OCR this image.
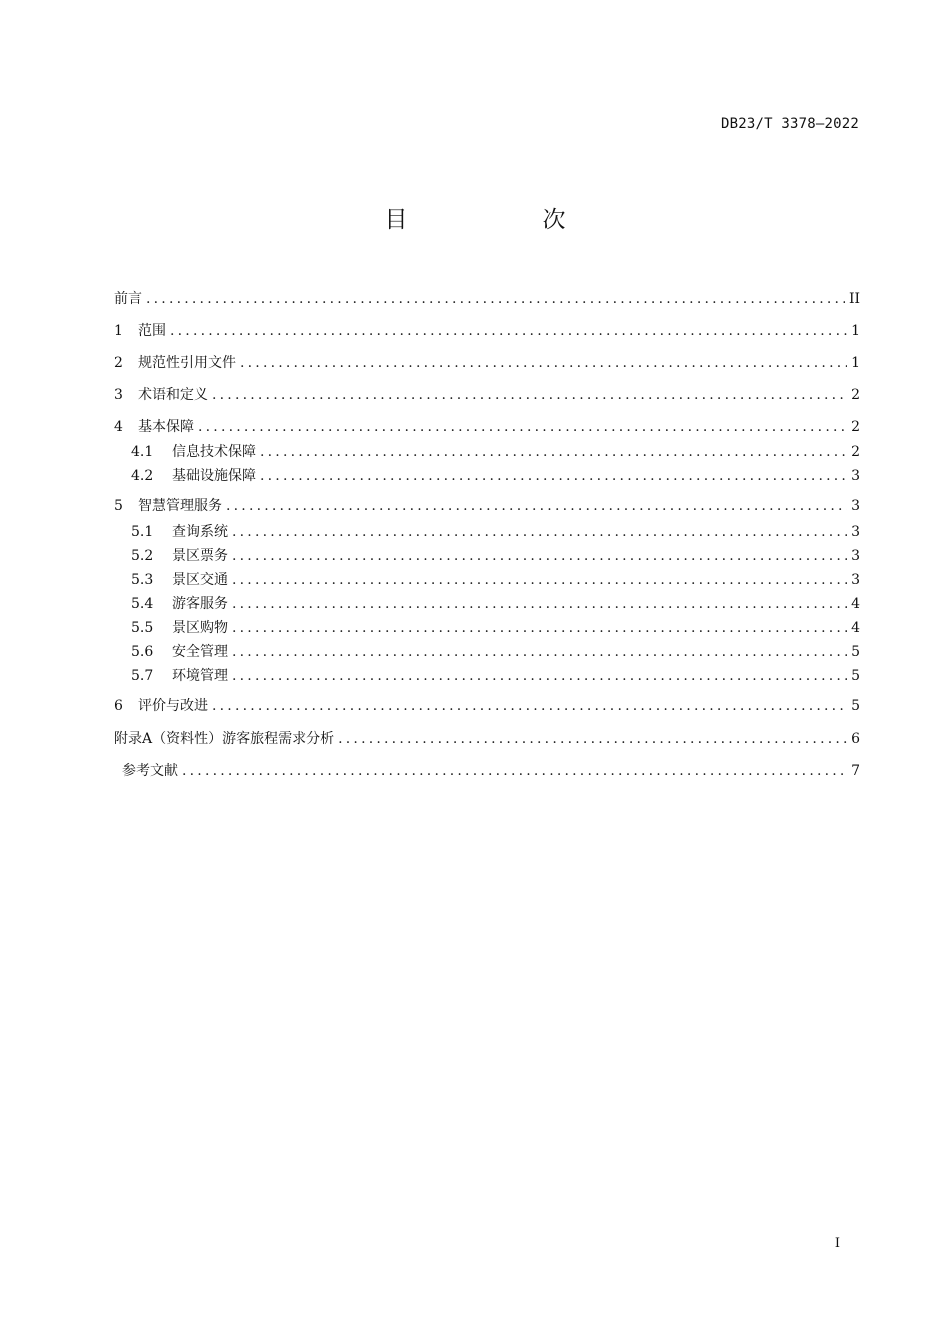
DB23/T 3378—2022
目　次
前言 .....	II
1	范围 .....	1
2	规范性引用文件 .....	1
3	术语和定义 .....	2
4	基本保障 .....	2
4.1	信息技术保障 .....	2
4.2	基础设施保障 .....	3
5	智慧管理服务 .....	3
5.1	查询系统 .....	3
5.2	景区票务 .....	3
5.3	景区交通 .....	3
5.4	游客服务 .....	4
5.5	景区购物 .....	4
5.6	安全管理 .....	5
5.7	环境管理 .....	5
6	评价与改进 .....	5
附录A（资料性）游客旅程需求分析 .....	6
参考文献 .....	7
I
